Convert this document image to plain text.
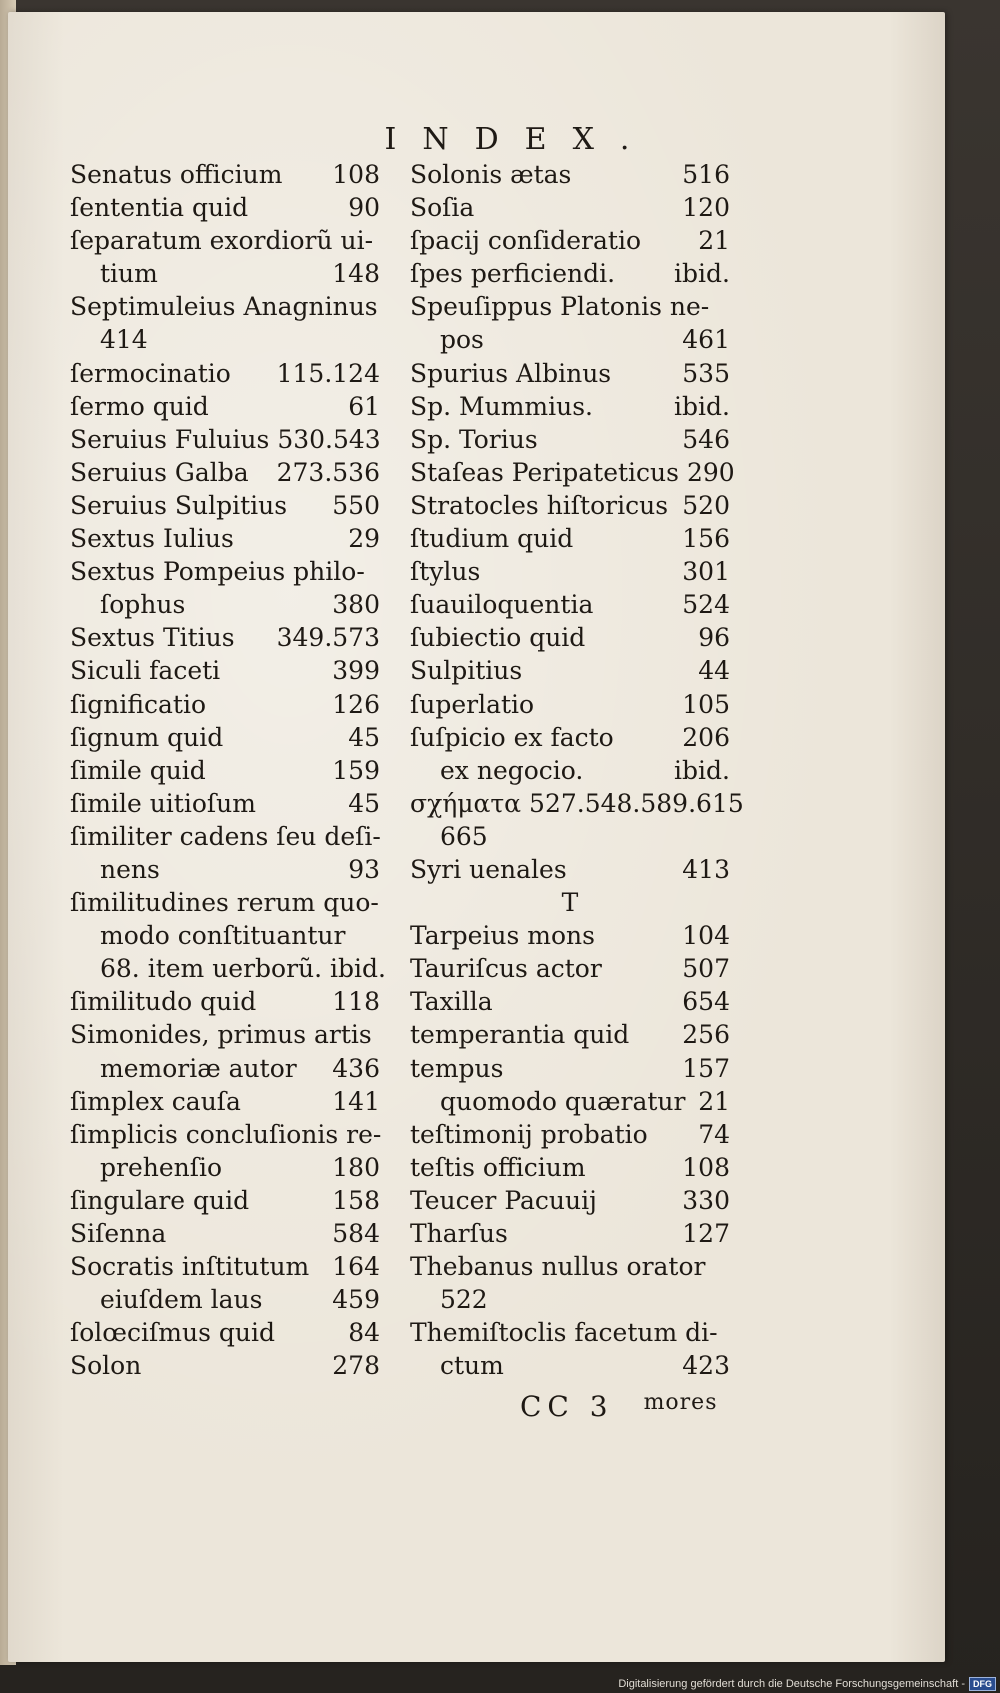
INDEX.
Senatus officium	108
ſententia quid	90
ſeparatum exordiorũ ui-
tium	148
Septimuleius Anagninus
414
ſermocinatio	115.124
ſermo quid	61
Seruius Fuluius 530.543
Seruius Galba	273.536
Seruius Sulpitius	550
Sextus Iulius	29
Sextus Pompeius philo-
ſophus	380
Sextus Titius	349.573
Siculi faceti	399
ſignificatio	126
ſignum quid	45
ſimile quid	159
ſimile uitioſum	45
ſimiliter cadens ſeu deſi-
nens	93
ſimilitudines rerum quo-
modo conſtituantur
68. item uerborũ. ibid.
ſimilitudo quid	118
Simonides, primus artis
memoriæ autor	436
ſimplex cauſa	141
ſimplicis concluſionis re-
prehenſio	180
ſingulare quid	158
Siſenna	584
Socratis inſtitutum 164
eiuſdem laus	459
ſolœciſmus quid	84
Solon	278
Solonis ætas	516
Soſia	120
ſpacij conſideratio	21
ſpes perficiendi.	ibid.
Speuſippus Platonis ne-
pos	461
Spurius Albinus	535
Sp. Mummius.	ibid.
Sp. Torius	546
Staſeas Peripateticus 290
Stratocles hiſtoricus 520
ſtudium quid	156
ſtylus	301
ſuauiloquentia	524
ſubiectio quid	96
Sulpitius	44
ſuperlatio	105
ſuſpicio ex facto	206
ex negocio.	ibid.
σχήματα 527.548.589.615
665
Syri uenales	413
T
Tarpeius mons	104
Tauriſcus actor	507
Taxilla	654
temperantia quid	256
tempus	157
quomodo quæratur 21
teſtimonij probatio	74
teſtis officium	108
Teucer Pacuuij	330
Tharſus	127
Thebanus nullus orator
522
Themiſtoclis facetum di-
ctum	423
CC 3 mores
Digitalisierung gefördert durch die Deutsche Forschungsgemeinschaft - DFG
